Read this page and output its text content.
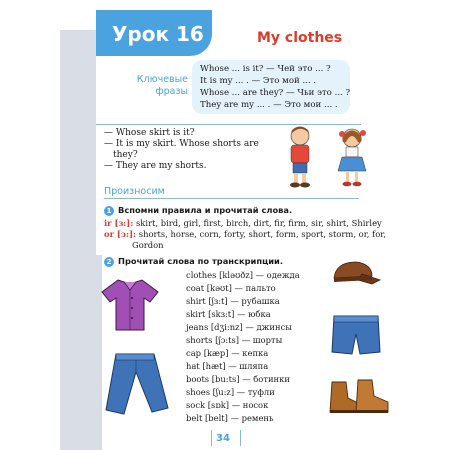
Урок 16	My clothes
Ключевые
фразы
Whose ... is it? — Чей это ... ?
It is my ... . — Это мой ... .
Whose ... are they? — Чьи это ... ?
They are my ... . — Это мои ... .
— Whose skirt is it?
— It is my skirt. Whose shorts are
they?
— They are my shorts.
Произносим
1 Вспомни правила и прочитай слова.
ir [ɜ:]: skirt, bird, girl, first, birch, dirt, fir, firm, sir, shirt, Shirley
or [ɔ:]: shorts, horse, corn, forty, short, form, sport, storm, or, for,
Gordon
2 Прочитай слова по транскрипции.
clothes [kləʊðz] — одежда
coat [kəʊt] — пальто
shirt [ʃɜ:t] — рубашка
skirt [skɜ:t] — юбка
jeans [dʒi:nz] — джинсы
shorts [ʃɔ:ts] — шорты
cap [kæp] — кепка
hat [hæt] — шляпа
boots [bu:ts] — ботинки
shoes [ʃu:z] — туфли
sock [sɒk] — носок
belt [belt] — ремень
34
